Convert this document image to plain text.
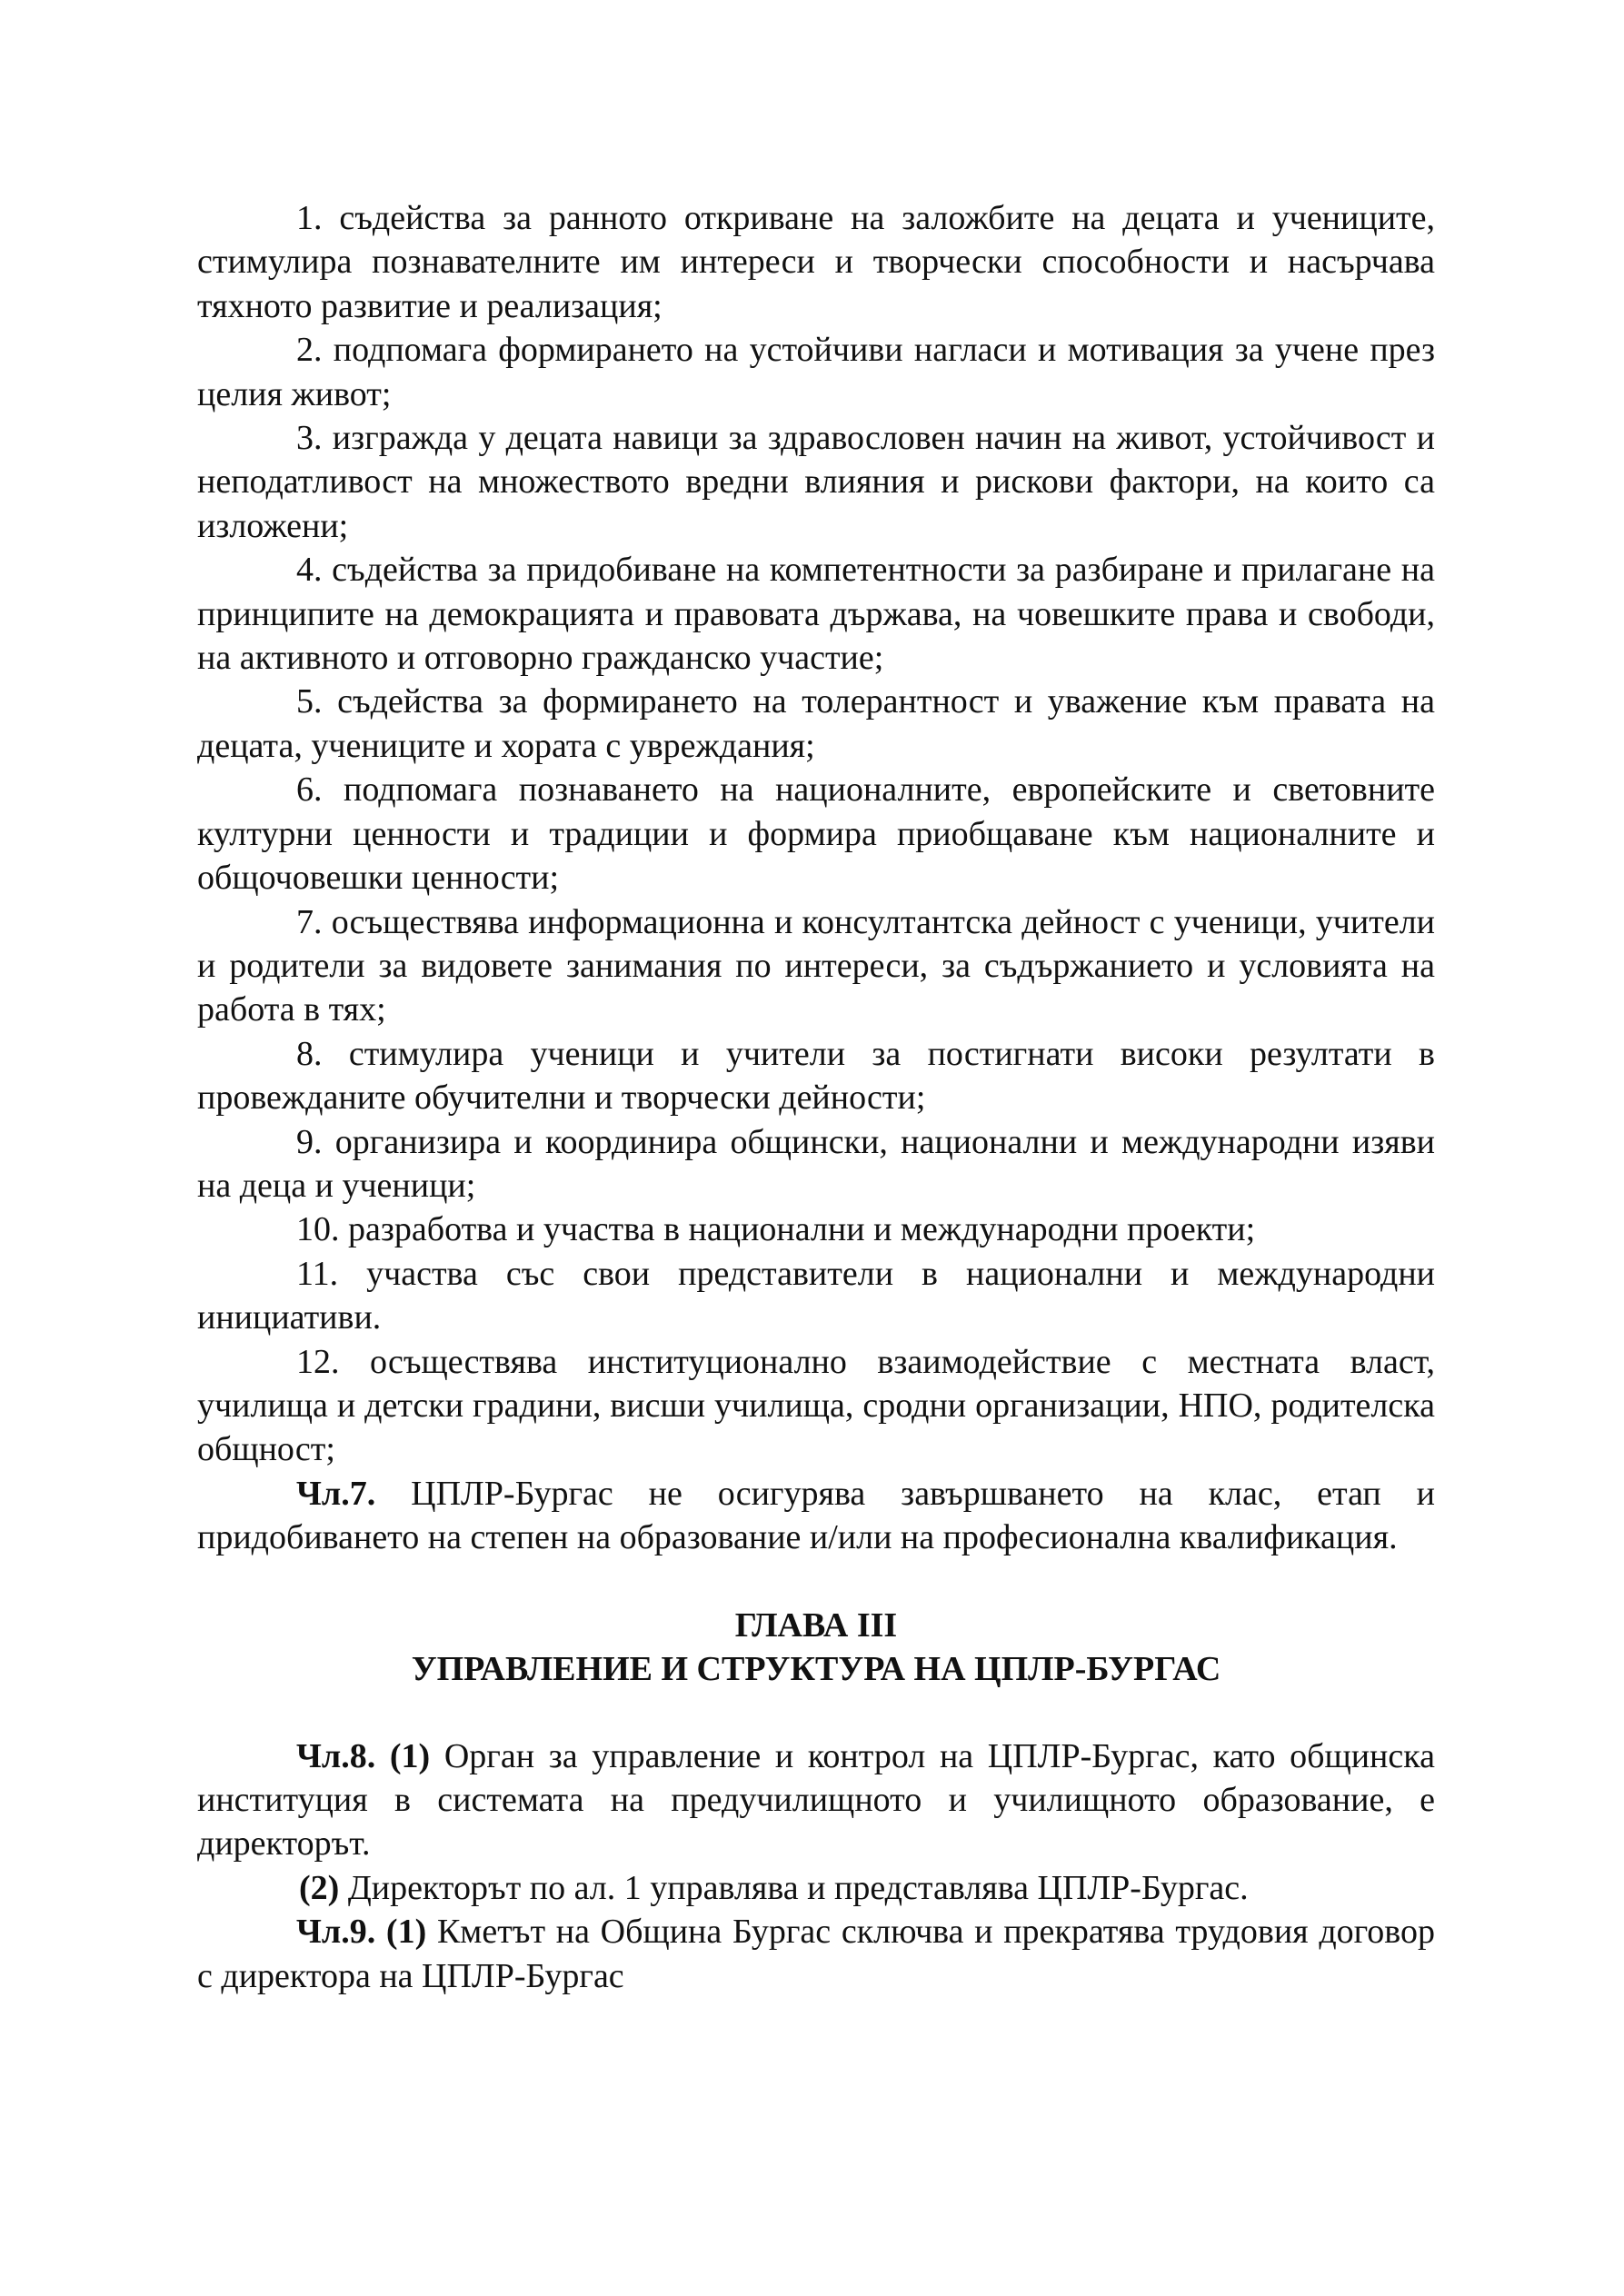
1. съдейства за ранното откриване на заложбите на децата и учениците, стимулира познавателните им интереси и творчески способности и насърчава тяхното развитие и реализация;

2. подпомага формирането на устойчиви нагласи и мотивация за учене през целия живот;

3. изгражда у децата навици за здравословен начин на живот, устойчивост и неподатливост на множеството вредни влияния и рискови фактори, на които са изложени;

4. съдейства за придобиване на компетентности за разбиране и прилагане на принципите на демокрацията и правовата държава, на човешките права и свободи, на активното и отговорно гражданско участие;

5. съдейства за формирането на толерантност и уважение към правата на децата, учениците и хората с увреждания;

6. подпомага познаването на националните, европейските и световните културни ценности и традиции и формира приобщаване към националните и общочовешки ценности;

7. осъществява информационна и консултантска дейност с ученици, учители и родители за видовете занимания по интереси, за съдържанието и условията на работа в тях;

8. стимулира ученици и учители за постигнати високи резултати в провежданите обучителни и творчески дейности;

9. организира и координира общински, национални и международни изяви на деца и ученици;

10. разработва и участва в национални и международни проекти;

11. участва със свои представители в национални и международни инициативи.

12. осъществява институционално взаимодействие с местната власт, училища и детски градини, висши училища, сродни организации, НПО, родителска общност;

Чл.7. ЦПЛР-Бургас не осигурява завършването на клас, етап и придобиването на степен на образование и/или на професионална квалификация.

ГЛАВА III

УПРАВЛЕНИЕ И СТРУКТУРА НА ЦПЛР-БУРГАС

Чл.8. (1) Орган за управление и контрол на ЦПЛР-Бургас, като общинска институция в системата на предучилищното и училищното образование, е директорът.

(2) Директорът по ал. 1 управлява и представлява ЦПЛР-Бургас.

Чл.9. (1) Кметът на Община Бургас сключва и прекратява трудовия договор с директора на ЦПЛР-Бургас
